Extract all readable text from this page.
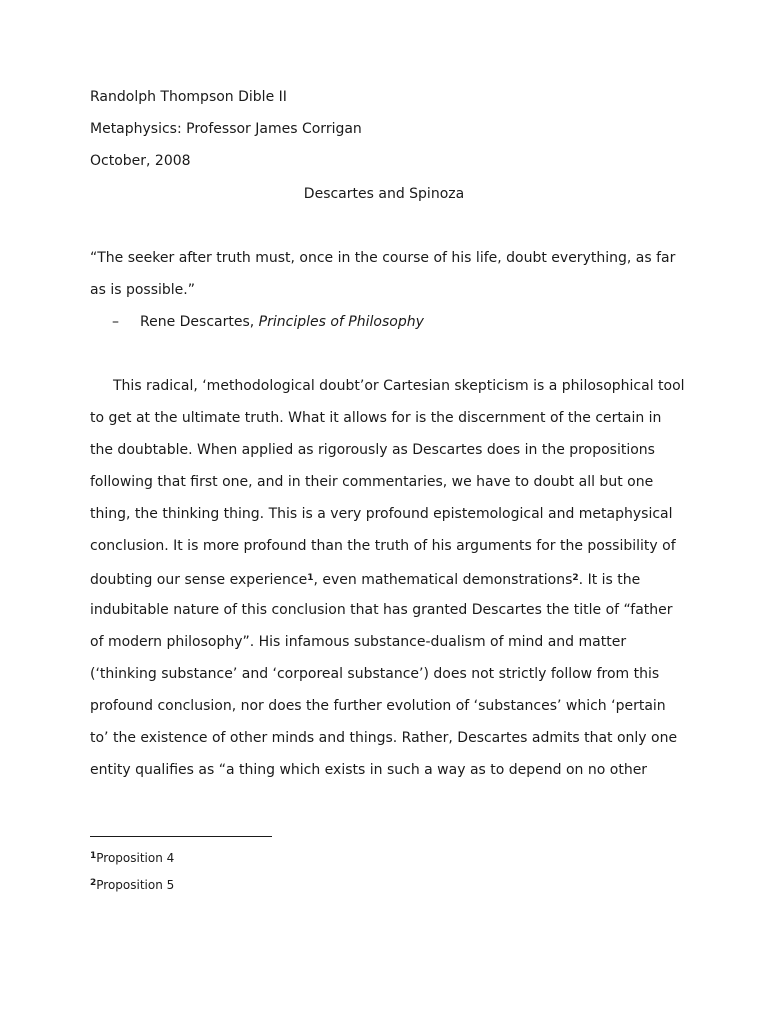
Randolph Thompson Dible II
Metaphysics: Professor James Corrigan
October, 2008
Descartes and Spinoza
“The seeker after truth must, once in the course of his life, doubt everything, as far
as is possible.”
– Rene Descartes, Principles of Philosophy
This radical, ‘methodological doubt’or Cartesian skepticism is a philosophical tool
to get at the ultimate truth. What it allows for is the discernment of the certain in
the doubtable. When applied as rigorously as Descartes does in the propositions
following that first one, and in their commentaries, we have to doubt all but one
thing, the thinking thing. This is a very profound epistemological and metaphysical
conclusion. It is more profound than the truth of his arguments for the possibility of
doubting our sense experience$^1$, even mathematical demonstrations$^2$. It is the
indubitable nature of this conclusion that has granted Descartes the title of “father
of modern philosophy”. His infamous substance-dualism of mind and matter
(‘thinking substance’ and ‘corporeal substance’) does not strictly follow from this
profound conclusion, nor does the further evolution of ‘substances’ which ‘pertain
to’ the existence of other minds and things. Rather, Descartes admits that only one
entity qualifies as “a thing which exists in such a way as to depend on no other
$^1$Proposition 4
$^2$Proposition 5
